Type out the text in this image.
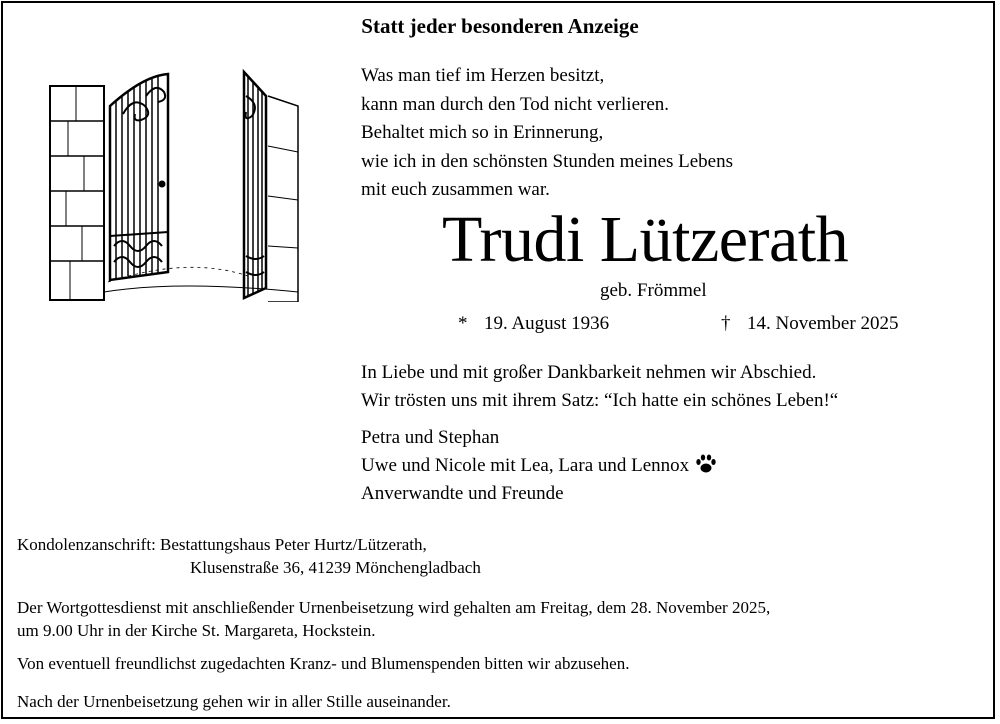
Statt jeder besonderen Anzeige
Was man tief im Herzen besitzt,
kann man durch den Tod nicht verlieren.
Behaltet mich so in Erinnerung,
wie ich in den schönsten Stunden meines Lebens
mit euch zusammen war.
Trudi Lützerath
geb. Frömmel
* 19. August 1936	† 14. November 2025
In Liebe und mit großer Dankbarkeit nehmen wir Abschied.
Wir trösten uns mit ihrem Satz: “Ich hatte ein schönes Leben!“
Petra und Stephan
Uwe und Nicole mit Lea, Lara und Lennox
Anverwandte und Freunde
Kondolenzanschrift: Bestattungshaus Peter Hurtz/Lützerath,
Klusenstraße 36, 41239 Mönchengladbach
Der Wortgottesdienst mit anschließender Urnenbeisetzung wird gehalten am Freitag, dem 28. November 2025,
um 9.00 Uhr in der Kirche St. Margareta, Hockstein.
Von eventuell freundlichst zugedachten Kranz- und Blumenspenden bitten wir abzusehen.
Nach der Urnenbeisetzung gehen wir in aller Stille auseinander.
